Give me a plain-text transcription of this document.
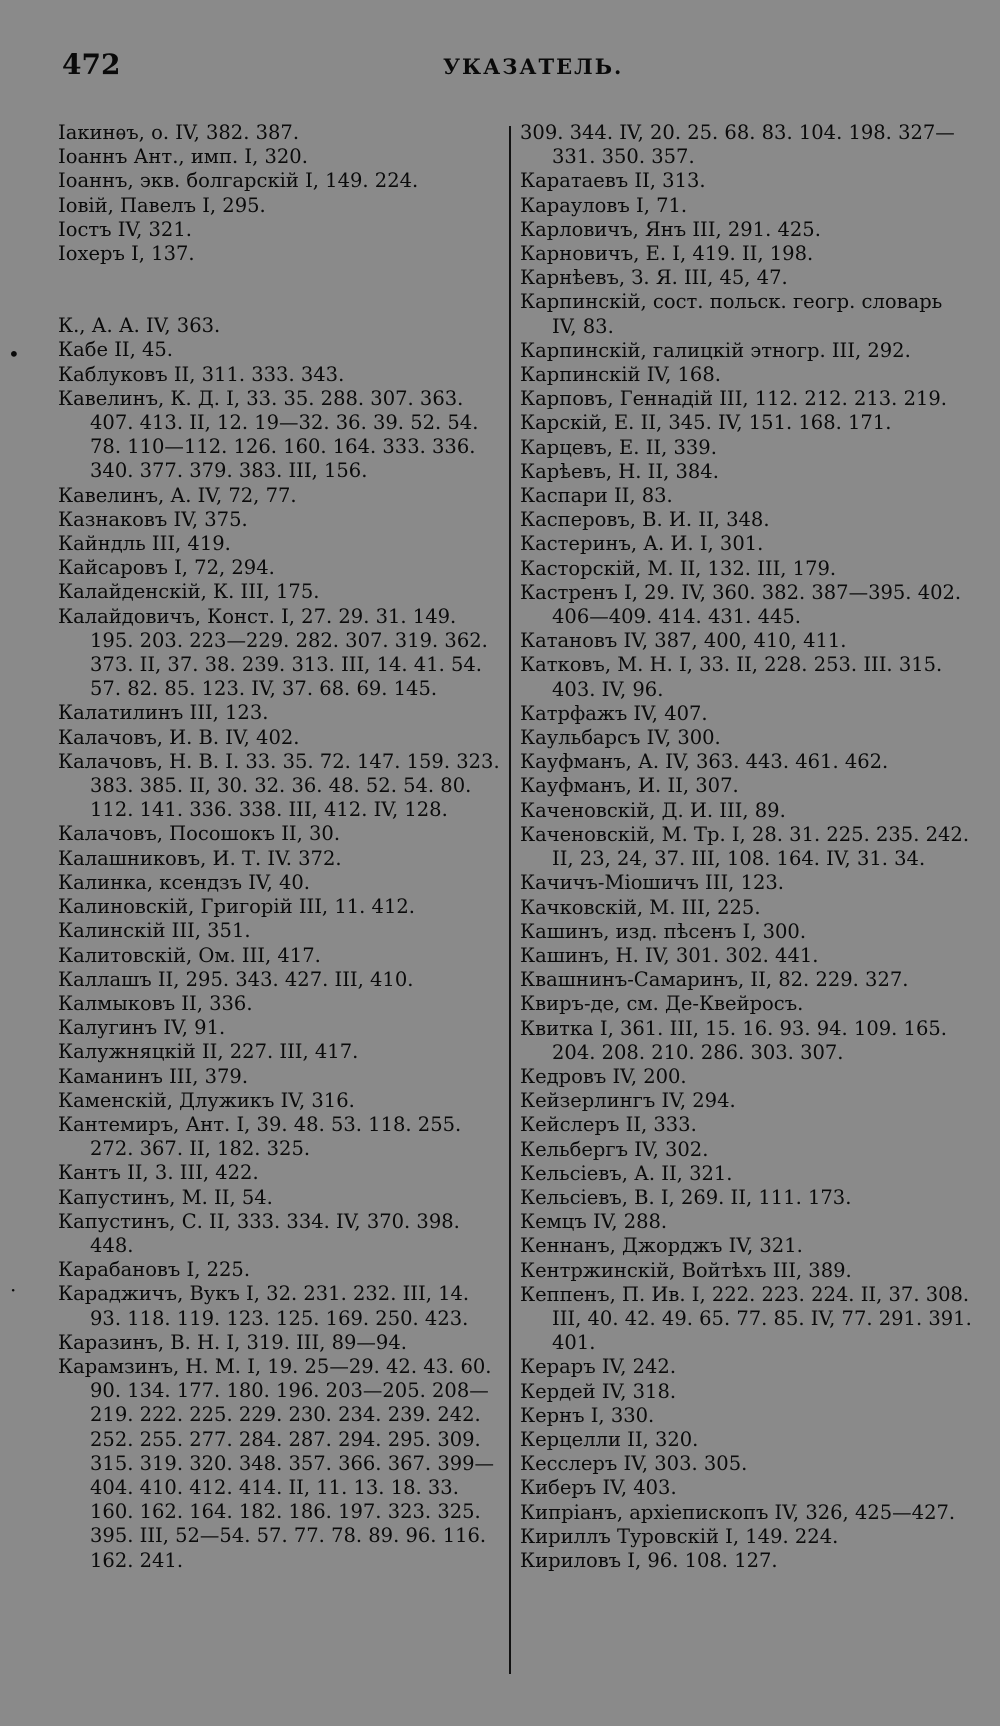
472	УКАЗАТЕЛЬ.
Іакинѳъ, о. IV, 382. 387.
Іоаннъ Ант., имп. I, 320.
Іоаннъ, экв. болгарскій I, 149. 224.
Іовій, Павелъ I, 295.
Іостъ IV, 321.
Іохеръ I, 137.
К., А. А. IV, 363.
Кабе II, 45.
Каблуковъ II, 311. 333. 343.
Кавелинъ, К. Д. I, 33. 35. 288. 307. 363. 407. 413. II, 12. 19—32. 36. 39. 52. 54. 78. 110—112. 126. 160. 164. 333. 336. 340. 377. 379. 383. III, 156.
Кавелинъ, А. IV, 72, 77.
Казнаковъ IV, 375.
Кайндль III, 419.
Кайсаровъ I, 72, 294.
Калайденскій, К. III, 175.
Калайдовичъ, Конст. I, 27. 29. 31. 149. 195. 203. 223—229. 282. 307. 319. 362. 373. II, 37. 38. 239. 313. III, 14. 41. 54. 57. 82. 85. 123. IV, 37. 68. 69. 145.
Калатилинъ III, 123.
Калачовъ, И. В. IV, 402.
Калачовъ, Н. В. I. 33. 35. 72. 147. 159. 323. 383. 385. II, 30. 32. 36. 48. 52. 54. 80. 112. 141. 336. 338. III, 412. IV, 128.
Калачовъ, Посошокъ II, 30.
Калашниковъ, И. Т. IV. 372.
Калинка, ксендзъ IV, 40.
Калиновскій, Григорій III, 11. 412.
Калинскій III, 351.
Калитовскій, Ом. III, 417.
Каллашъ II, 295. 343. 427. III, 410.
Калмыковъ II, 336.
Калугинъ IV, 91.
Калужняцкій II, 227. III, 417.
Каманинъ III, 379.
Каменскій, Длужикъ IV, 316.
Кантемиръ, Ант. I, 39. 48. 53. 118. 255. 272. 367. II, 182. 325.
Кантъ II, 3. III, 422.
Капустинъ, М. II, 54.
Капустинъ, С. II, 333. 334. IV, 370. 398. 448.
Карабановъ I, 225.
Караджичъ, Вукъ I, 32. 231. 232. III, 14. 93. 118. 119. 123. 125. 169. 250. 423.
Каразинъ, В. Н. I, 319. III, 89—94.
Карамзинъ, Н. М. I, 19. 25—29. 42. 43. 60. 90. 134. 177. 180. 196. 203—205. 208—219. 222. 225. 229. 230. 234. 239. 242. 252. 255. 277. 284. 287. 294. 295. 309. 315. 319. 320. 348. 357. 366. 367. 399—404. 410. 412. 414. II, 11. 13. 18. 33. 160. 162. 164. 182. 186. 197. 323. 325. 395. III, 52—54. 57. 77. 78. 89. 96. 116. 162. 241.
309. 344. IV, 20. 25. 68. 83. 104. 198. 327—331. 350. 357.
Каратаевъ II, 313.
Карауловъ I, 71.
Карловичъ, Янъ III, 291. 425.
Карновичъ, Е. I, 419. II, 198.
Карнѣевъ, З. Я. III, 45, 47.
Карпинскій, сост. польск. геогр. словарь IV, 83.
Карпинскій, галицкій этногр. III, 292.
Карпинскій IV, 168.
Карповъ, Геннадій III, 112. 212. 213. 219.
Карскій, Е. II, 345. IV, 151. 168. 171.
Карцевъ, Е. II, 339.
Карѣевъ, Н. II, 384.
Каспари II, 83.
Касперовъ, В. И. II, 348.
Кастеринъ, А. И. I, 301.
Касторскій, М. II, 132. III, 179.
Кастренъ I, 29. IV, 360. 382. 387—395. 402. 406—409. 414. 431. 445.
Катановъ IV, 387, 400, 410, 411.
Катковъ, М. Н. I, 33. II, 228. 253. III. 315. 403. IV, 96.
Катрфажъ IV, 407.
Каульбарсъ IV, 300.
Кауфманъ, А. IV, 363. 443. 461. 462.
Кауфманъ, И. II, 307.
Каченовскій, Д. И. III, 89.
Каченовскій, М. Тр. I, 28. 31. 225. 235. 242. II, 23, 24, 37. III, 108. 164. IV, 31. 34.
Качичъ-Міошичъ III, 123.
Качковскій, М. III, 225.
Кашинъ, изд. пѣсенъ I, 300.
Кашинъ, Н. IV, 301. 302. 441.
Квашнинъ-Самаринъ, II, 82. 229. 327.
Квиръ-де, см. Де-Квейросъ.
Квитка I, 361. III, 15. 16. 93. 94. 109. 165. 204. 208. 210. 286. 303. 307.
Кедровъ IV, 200.
Кейзерлингъ IV, 294.
Кейслеръ II, 333.
Кельбергъ IV, 302.
Кельсіевъ, А. II, 321.
Кельсіевъ, В. I, 269. II, 111. 173.
Кемцъ IV, 288.
Кеннанъ, Джорджъ IV, 321.
Кентржинскій, Войтѣхъ III, 389.
Кеппенъ, П. Ив. I, 222. 223. 224. II, 37. 308. III, 40. 42. 49. 65. 77. 85. IV, 77. 291. 391. 401.
Кераръ IV, 242.
Кердей IV, 318.
Кернъ I, 330.
Керцелли II, 320.
Кесслеръ IV, 303. 305.
Киберъ IV, 403.
Кипріанъ, архіепископъ IV, 326, 425—427.
Кириллъ Туровскій I, 149. 224.
Кириловъ I, 96. 108. 127.
•
·
